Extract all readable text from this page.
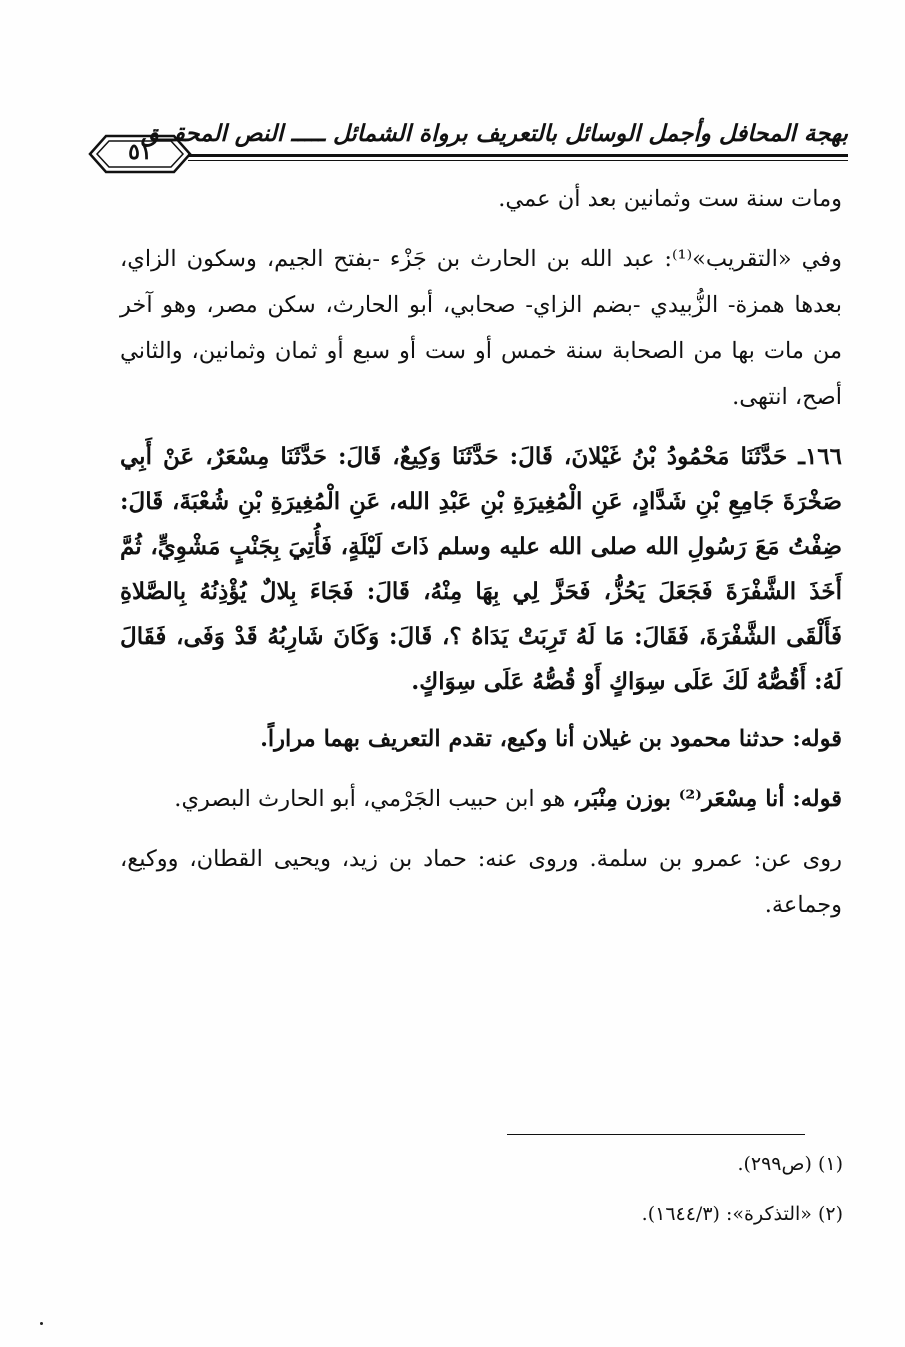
بهجة المحافل وأجمل الوسائل بالتعريف برواة الشمائل ـــــ النص المحقــق
٥١

ومات سنة ست وثمانين بعد أن عمي.

وفي «التقريب»⁽¹⁾: عبد الله بن الحارث بن جَزْء -بفتح الجيم، وسكون الزاي، بعدها همزة- الزُّبيدي -بضم الزاي- صحابي، أبو الحارث، سكن مصر، وهو آخر من مات بها من الصحابة سنة خمس أو ست أو سبع أو ثمان وثمانين، والثاني أصح، انتهى.

١٦٦ـ حَدَّثَنَا مَحْمُودُ بْنُ غَيْلانَ، قَالَ: حَدَّثَنَا وَكِيعٌ، قَالَ: حَدَّثَنَا مِسْعَرٌ، عَنْ أَبِي صَخْرَةَ جَامِعِ بْنِ شَدَّادٍ، عَنِ الْمُغِيرَةِ بْنِ عَبْدِ الله، عَنِ الْمُغِيرَةِ بْنِ شُعْبَةَ، قَالَ: ضِفْتُ مَعَ رَسُولِ الله صلى الله عليه وسلم ذَاتَ لَيْلَةٍ، فَأُتِيَ بِجَنْبٍ مَشْوِيٍّ، ثُمَّ أَخَذَ الشَّفْرَةَ فَجَعَلَ يَحُزُّ، فَحَزَّ لِي بِهَا مِنْهُ، قَالَ: فَجَاءَ بِلالٌ يُؤْذِنُهُ بِالصَّلاةِ فَأَلْقَى الشَّفْرَةَ، فَقَالَ: مَا لَهُ تَرِبَتْ يَدَاهُ ؟، قَالَ: وَكَانَ شَارِبُهُ قَدْ وَفَى، فَقَالَ لَهُ: أَقُصُّهُ لَكَ عَلَى سِوَاكٍ أَوْ قُصُّهُ عَلَى سِوَاكٍ.

قوله: حدثنا محمود بن غيلان أنا وكيع، تقدم التعريف بهما مراراً.

قوله: أنا مِسْعَر⁽²⁾ بوزن مِنْبَر، هو ابن حبيب الجَرْمي، أبو الحارث البصري.

روى عن: عمرو بن سلمة. وروى عنه: حماد بن زيد، ويحيى القطان، ووكيع، وجماعة.

(١) (ص٢٩٩).

(٢) «التذكرة»: (١٦٤٤/٣).
